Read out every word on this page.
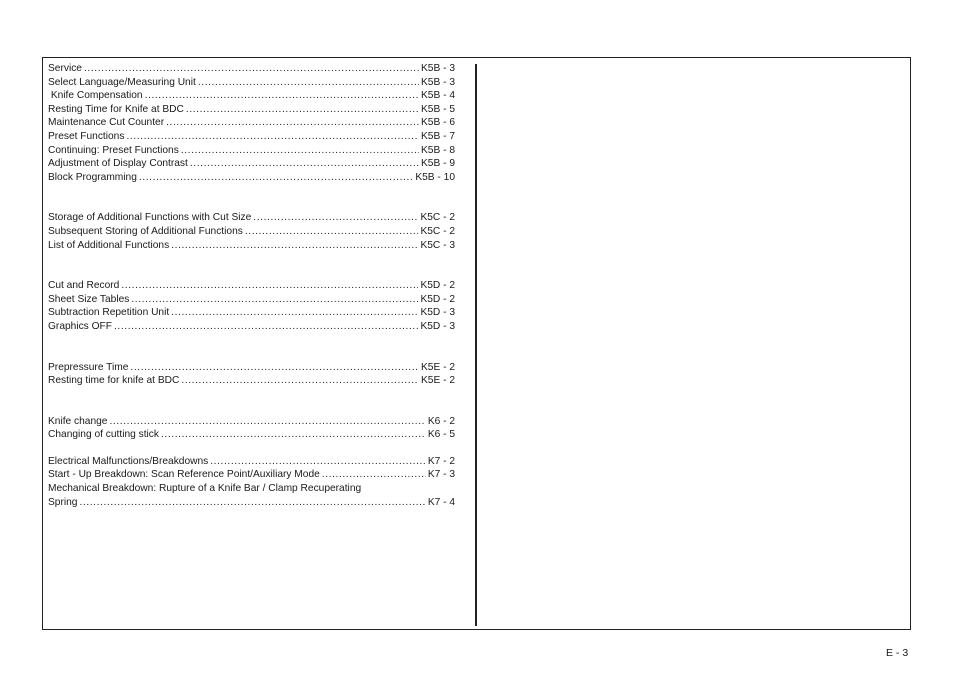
Service .....	K5B - 3
Select Language/Measuring Unit .....	K5B - 3
Knife Compensation .....	K5B - 4
Resting Time for Knife at BDC .....	K5B - 5
Maintenance Cut Counter .....	K5B - 6
Preset Functions .....	K5B - 7
Continuing: Preset Functions .....	K5B - 8
Adjustment of Display Contrast .....	K5B - 9
Block Programming .....	K5B - 10
Storage of Additional Functions with Cut Size .....	K5C - 2
Subsequent Storing of Additional Functions .....	K5C - 2
List of Additional Functions .....	K5C - 3
Cut and Record .....	K5D - 2
Sheet Size Tables .....	K5D - 2
Subtraction Repetition Unit .....	K5D - 3
Graphics OFF .....	K5D - 3
Prepressure Time .....	K5E - 2
Resting time for knife at BDC .....	K5E - 2
Knife change .....	K6 - 2
Changing of cutting stick .....	K6 - 5
Electrical Malfunctions/Breakdowns .....	K7 - 2
Start - Up Breakdown: Scan Reference Point/Auxiliary Mode .....	K7 - 3
Mechanical Breakdown: Rupture of a Knife Bar / Clamp Recuperating
Spring .....	K7 - 4
E - 3
